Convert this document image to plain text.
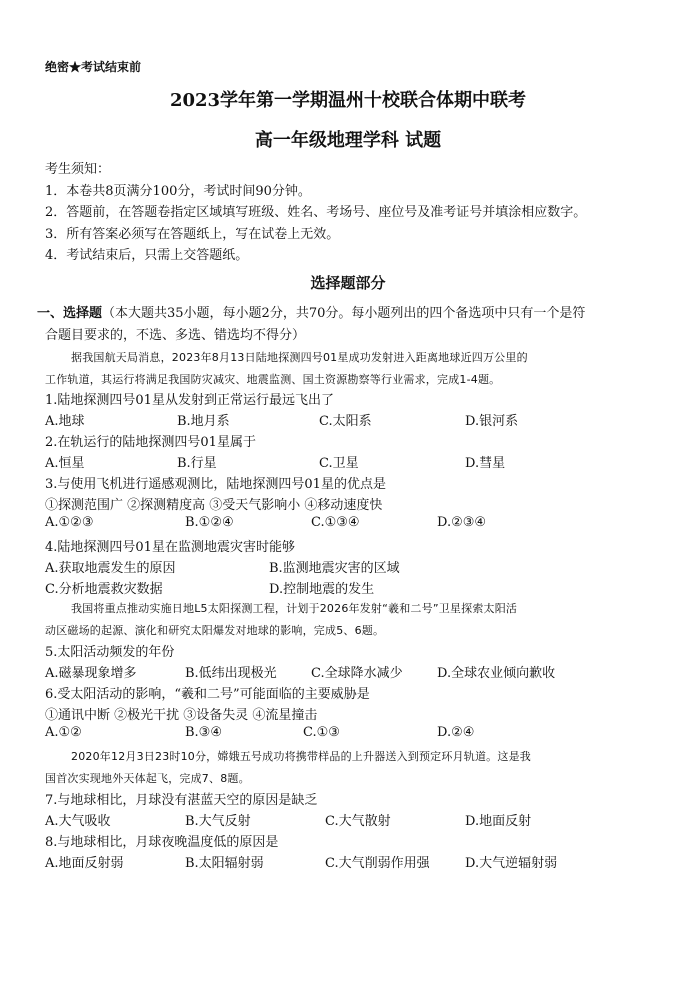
绝密★考试结束前
2023学年第一学期温州十校联合体期中联考
高一年级地理学科 试题
考生须知：
1．本卷共8页满分100分，考试时间90分钟。
2．答题前，在答题卷指定区域填写班级、姓名、考场号、座位号及准考证号并填涂相应数字。
3．所有答案必须写在答题纸上，写在试卷上无效。
4．考试结束后，只需上交答题纸。
选择题部分
一、选择题（本大题共35小题，每小题2分，共70分。每小题列出的四个备选项中只有一个是符
合题目要求的，不选、多选、错选均不得分）
据我国航天局消息，2023年8月13日陆地探测四号01星成功发射进入距离地球近四万公里的
工作轨道，其运行将满足我国防灾减灾、地震监测、国土资源勘察等行业需求，完成1-4题。
1.陆地探测四号01星从发射到正常运行最远飞出了
A.地球	B.地月系	C.太阳系	D.银河系
2.在轨运行的陆地探测四号01星属于
A.恒星	B.行星	C.卫星	D.彗星
3.与使用飞机进行遥感观测比，陆地探测四号01星的优点是
①探测范围广 ②探测精度高 ③受天气影响小 ④移动速度快
A.①②③	B.①②④	C.①③④	D.②③④
4.陆地探测四号01星在监测地震灾害时能够
A.获取地震发生的原因	B.监测地震灾害的区域
C.分析地震救灾数据	D.控制地震的发生
我国将重点推动实施日地L5太阳探测工程，计划于2026年发射“羲和二号”卫星探索太阳活
动区磁场的起源、演化和研究太阳爆发对地球的影响，完成5、6题。
5.太阳活动频发的年份
A.磁暴现象增多	B.低纬出现极光	C.全球降水减少	D.全球农业倾向歉收
6.受太阳活动的影响，“羲和二号”可能面临的主要威胁是
①通讯中断 ②极光干扰 ③设备失灵 ④流星撞击
A.①②	B.③④	C.①③	D.②④
2020年12月3日23时10分，嫦娥五号成功将携带样品的上升器送入到预定环月轨道。这是我
国首次实现地外天体起飞，完成7、8题。
7.与地球相比，月球没有湛蓝天空的原因是缺乏
A.大气吸收	B.大气反射	C.大气散射	D.地面反射
8.与地球相比，月球夜晚温度低的原因是
A.地面反射弱	B.太阳辐射弱	C.大气削弱作用强	D.大气逆辐射弱
